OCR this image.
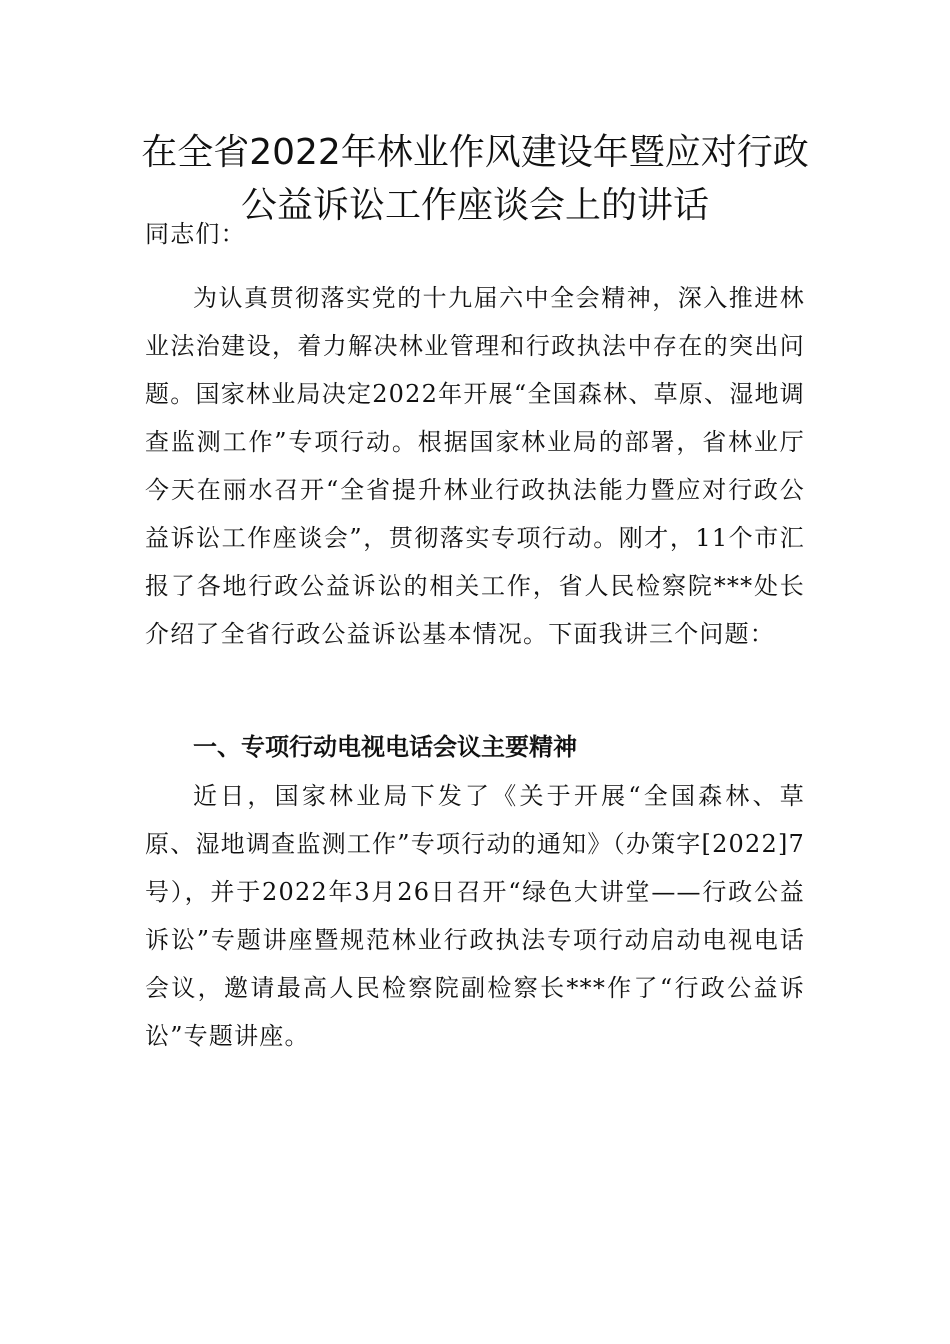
在全省2022年林业作风建设年暨应对行政
公益诉讼工作座谈会上的讲话

同志们：

为认真贯彻落实党的十九届六中全会精神，深入推进林业法治建设，着力解决林业管理和行政执法中存在的突出问题。国家林业局决定2022年开展“全国森林、草原、湿地调查监测工作”专项行动。根据国家林业局的部署，省林业厅今天在丽水召开“全省提升林业行政执法能力暨应对行政公益诉讼工作座谈会”，贯彻落实专项行动。刚才，11个市汇报了各地行政公益诉讼的相关工作，省人民检察院***处长介绍了全省行政公益诉讼基本情况。下面我讲三个问题：

一、专项行动电视电话会议主要精神

近日，国家林业局下发了《关于开展“全国森林、草原、湿地调查监测工作”专项行动的通知》（办策字[2022]7号），并于2022年3月26日召开“绿色大讲堂——行政公益诉讼”专题讲座暨规范林业行政执法专项行动启动电视电话会议，邀请最高人民检察院副检察长***作了“行政公益诉讼”专题讲座。
